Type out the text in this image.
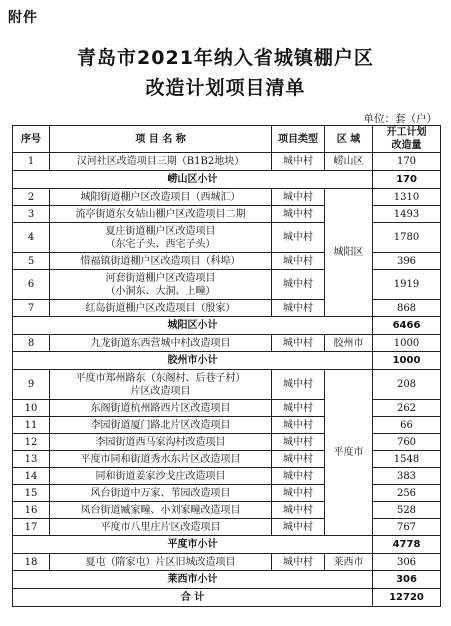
附件
青岛市2021年纳入省城镇棚户区
改造计划项目清单
单位：套（户）
序号	项 目 名 称	项目类型	区 域	开工计划
改造量

1	汉河社区改造项目三期（B1B2地块）	城中村	崂山区	170
崂山区小计				170
2	城阳街道棚户区改造项目（西城汇）	城中村	城阳区	1310
3	流亭街道东女姑山棚户区改造项目二期	城中村		1493
4	夏庄街道棚户区改造项目
（东宅子头、西宅子头）	城中村		1780
5	惜福镇街道棚户区改造项目（科埠）	城中村		396
6	河套街道棚户区改造项目
（小洞东、大洞、上疃）	城中村		1919
7	红岛街道棚户区改造项目（殷家）	城中村		868
城阳区小计				6466
8	九龙街道东西营城中村改造项目	城中村	胶州市	1000
胶州市小计				1000
9	平度市郑州路东（东阁村、后巷子村）
片区改造项目	城中村	平度市	208
10	东阁街道杭州路西片区改造项目	城中村		262
11	李园街道厦门路北片区改造项目	城中村		66
12	李园街道西马家沟村改造项目	城中村		760
13	平度市同和街道秀水东片区改造项目	城中村		1548
14	同和街道姜家沙戈庄改造项目	城中村		383
15	风台街道中万家、苇园改造项目	城中村		256
16	凤台街道臧家疃、小刘家疃改造项目	城中村		528
17	平度市八里庄片区改造项目	城中村		767
平度市小计				4778
18	夏屯（隋家屯）片区旧城改造项目	城中村	莱西市	306
莱西市小计				306
合 计				12720
